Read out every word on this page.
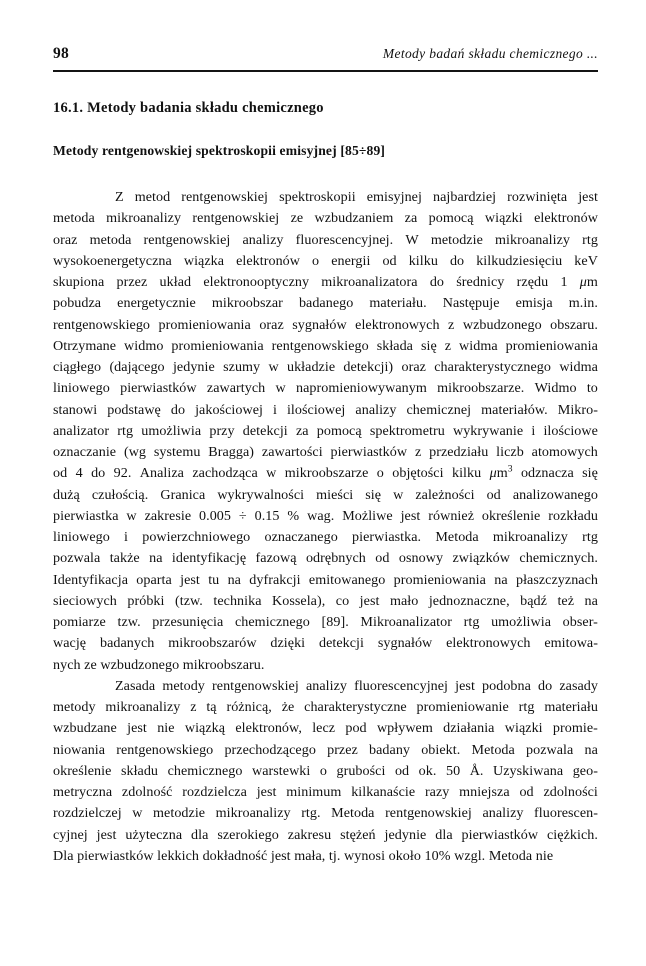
98	Metody badań składu chemicznego ...
16.1. Metody badania składu chemicznego
Metody rentgenowskiej spektroskopii emisyjnej [85÷89]
Z metod rentgenowskiej spektroskopii emisyjnej najbardziej rozwinięta jest
metoda mikroanalizy rentgenowskiej ze wzbudzaniem za pomocą wiązki elektronów
oraz metoda rentgenowskiej analizy fluorescencyjnej. W metodzie mikroanalizy rtg
wysokoenergetyczna wiązka elektronów o energii od kilku do kilkudziesięciu keV
skupiona przez układ elektronooptyczny mikroanalizatora do średnicy rzędu 1 μm
pobudza energetycznie mikroobszar badanego materiału. Następuje emisja m.in.
rentgenowskiego promieniowania oraz sygnałów elektronowych z wzbudzonego obszaru.
Otrzymane widmo promieniowania rentgenowskiego składa się z widma promieniowania
ciągłego (dającego jedynie szumy w układzie detekcji) oraz charakterystycznego widma
liniowego pierwiastków zawartych w napromieniowywanym mikroobszarze. Widmo to
stanowi podstawę do jakościowej i ilościowej analizy chemicznej materiałów. Mikro-
analizator rtg umożliwia przy detekcji za pomocą spektrometru wykrywanie i ilościowe
oznaczanie (wg systemu Bragga) zawartości pierwiastków z przedziału liczb atomowych
od 4 do 92. Analiza zachodząca w mikroobszarze o objętości kilku $\mu m^3$ odznacza się
dużą czułością. Granica wykrywalności mieści się w zależności od analizowanego
pierwiastka w zakresie 0.005 ÷ 0.15 % wag. Możliwe jest również określenie rozkładu
liniowego i powierzchniowego oznaczanego pierwiastka. Metoda mikroanalizy rtg
pozwala także na identyfikację fazową odrębnych od osnowy związków chemicznych.
Identyfikacja oparta jest tu na dyfrakcji emitowanego promieniowania na płaszczyznach
sieciowych próbki (tzw. technika Kossela), co jest mało jednoznaczne, bądź też na
pomiarze tzw. przesunięcia chemicznego [89]. Mikroanalizator rtg umożliwia obser-
wację badanych mikroobszarów dzięki detekcji sygnałów elektronowych emitowa-
nych ze wzbudzonego mikroobszaru.
Zasada metody rentgenowskiej analizy fluorescencyjnej jest podobna do zasady
metody mikroanalizy z tą różnicą, że charakterystyczne promieniowanie rtg materiału
wzbudzane jest nie wiązką elektronów, lecz pod wpływem działania wiązki promie-
niowania rentgenowskiego przechodzącego przez badany obiekt. Metoda pozwala na
określenie składu chemicznego warstewki o grubości od ok. 50 Å. Uzyskiwana geo-
metryczna zdolność rozdzielcza jest minimum kilkanaście razy mniejsza od zdolności
rozdzielczej w metodzie mikroanalizy rtg. Metoda rentgenowskiej analizy fluorescen-
cyjnej jest użyteczna dla szerokiego zakresu stężeń jedynie dla pierwiastków ciężkich.
Dla pierwiastków lekkich dokładność jest mała, tj. wynosi około 10% wzgl. Metoda nie
